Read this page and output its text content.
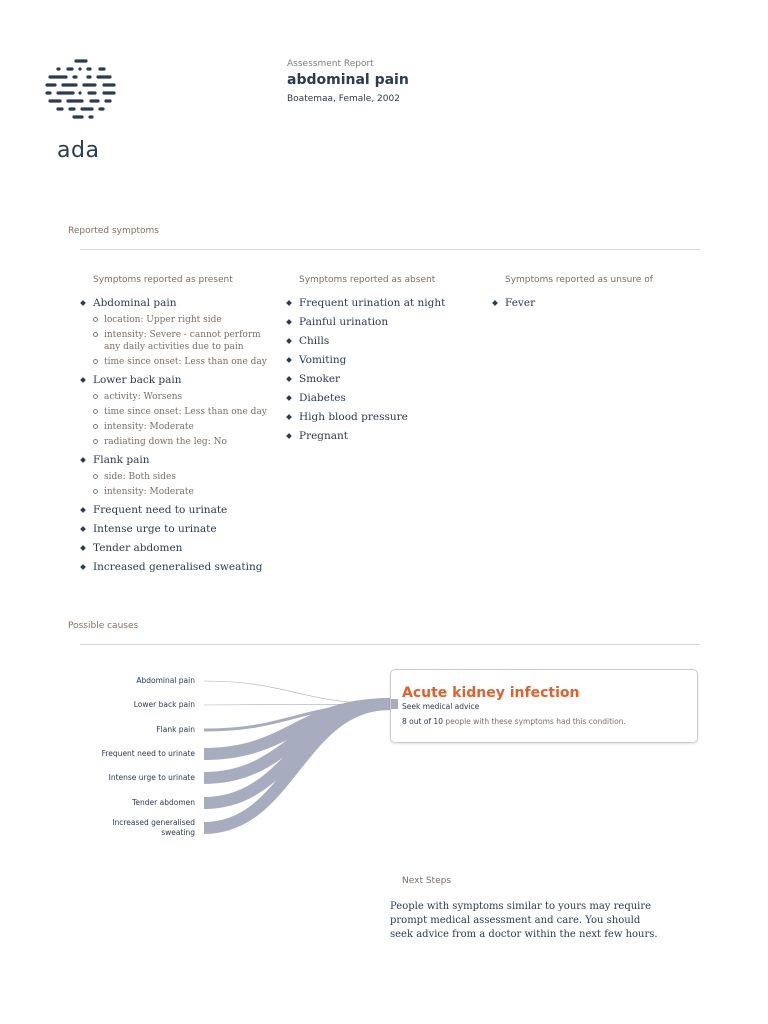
ada
Assessment Report
abdominal pain
Boatemaa, Female, 2002
Reported symptoms
Symptoms reported as present	Symptoms reported as absent	Symptoms reported as unsure of
Abdominal pain
location: Upper right side
intensity: Severe - cannot perform any daily activities due to pain
time since onset: Less than one day
Lower back pain
activity: Worsens
time since onset: Less than one day
intensity: Moderate
radiating down the leg: No
Flank pain
side: Both sides
intensity: Moderate
Frequent need to urinate
Intense urge to urinate
Tender abdomen
Increased generalised sweating
Frequent urination at night
Painful urination
Chills
Vomiting
Smoker
Diabetes
High blood pressure
Pregnant
Fever
Possible causes
Abdominal pain
Lower back pain
Flank pain
Frequent need to urinate
Intense urge to urinate
Tender abdomen
Increased generalised sweating
Acute kidney infection
Seek medical advice
8 out of 10 people with these symptoms had this condition.
Next Steps
People with symptoms similar to yours may require prompt medical assessment and care. You should seek advice from a doctor within the next few hours.
